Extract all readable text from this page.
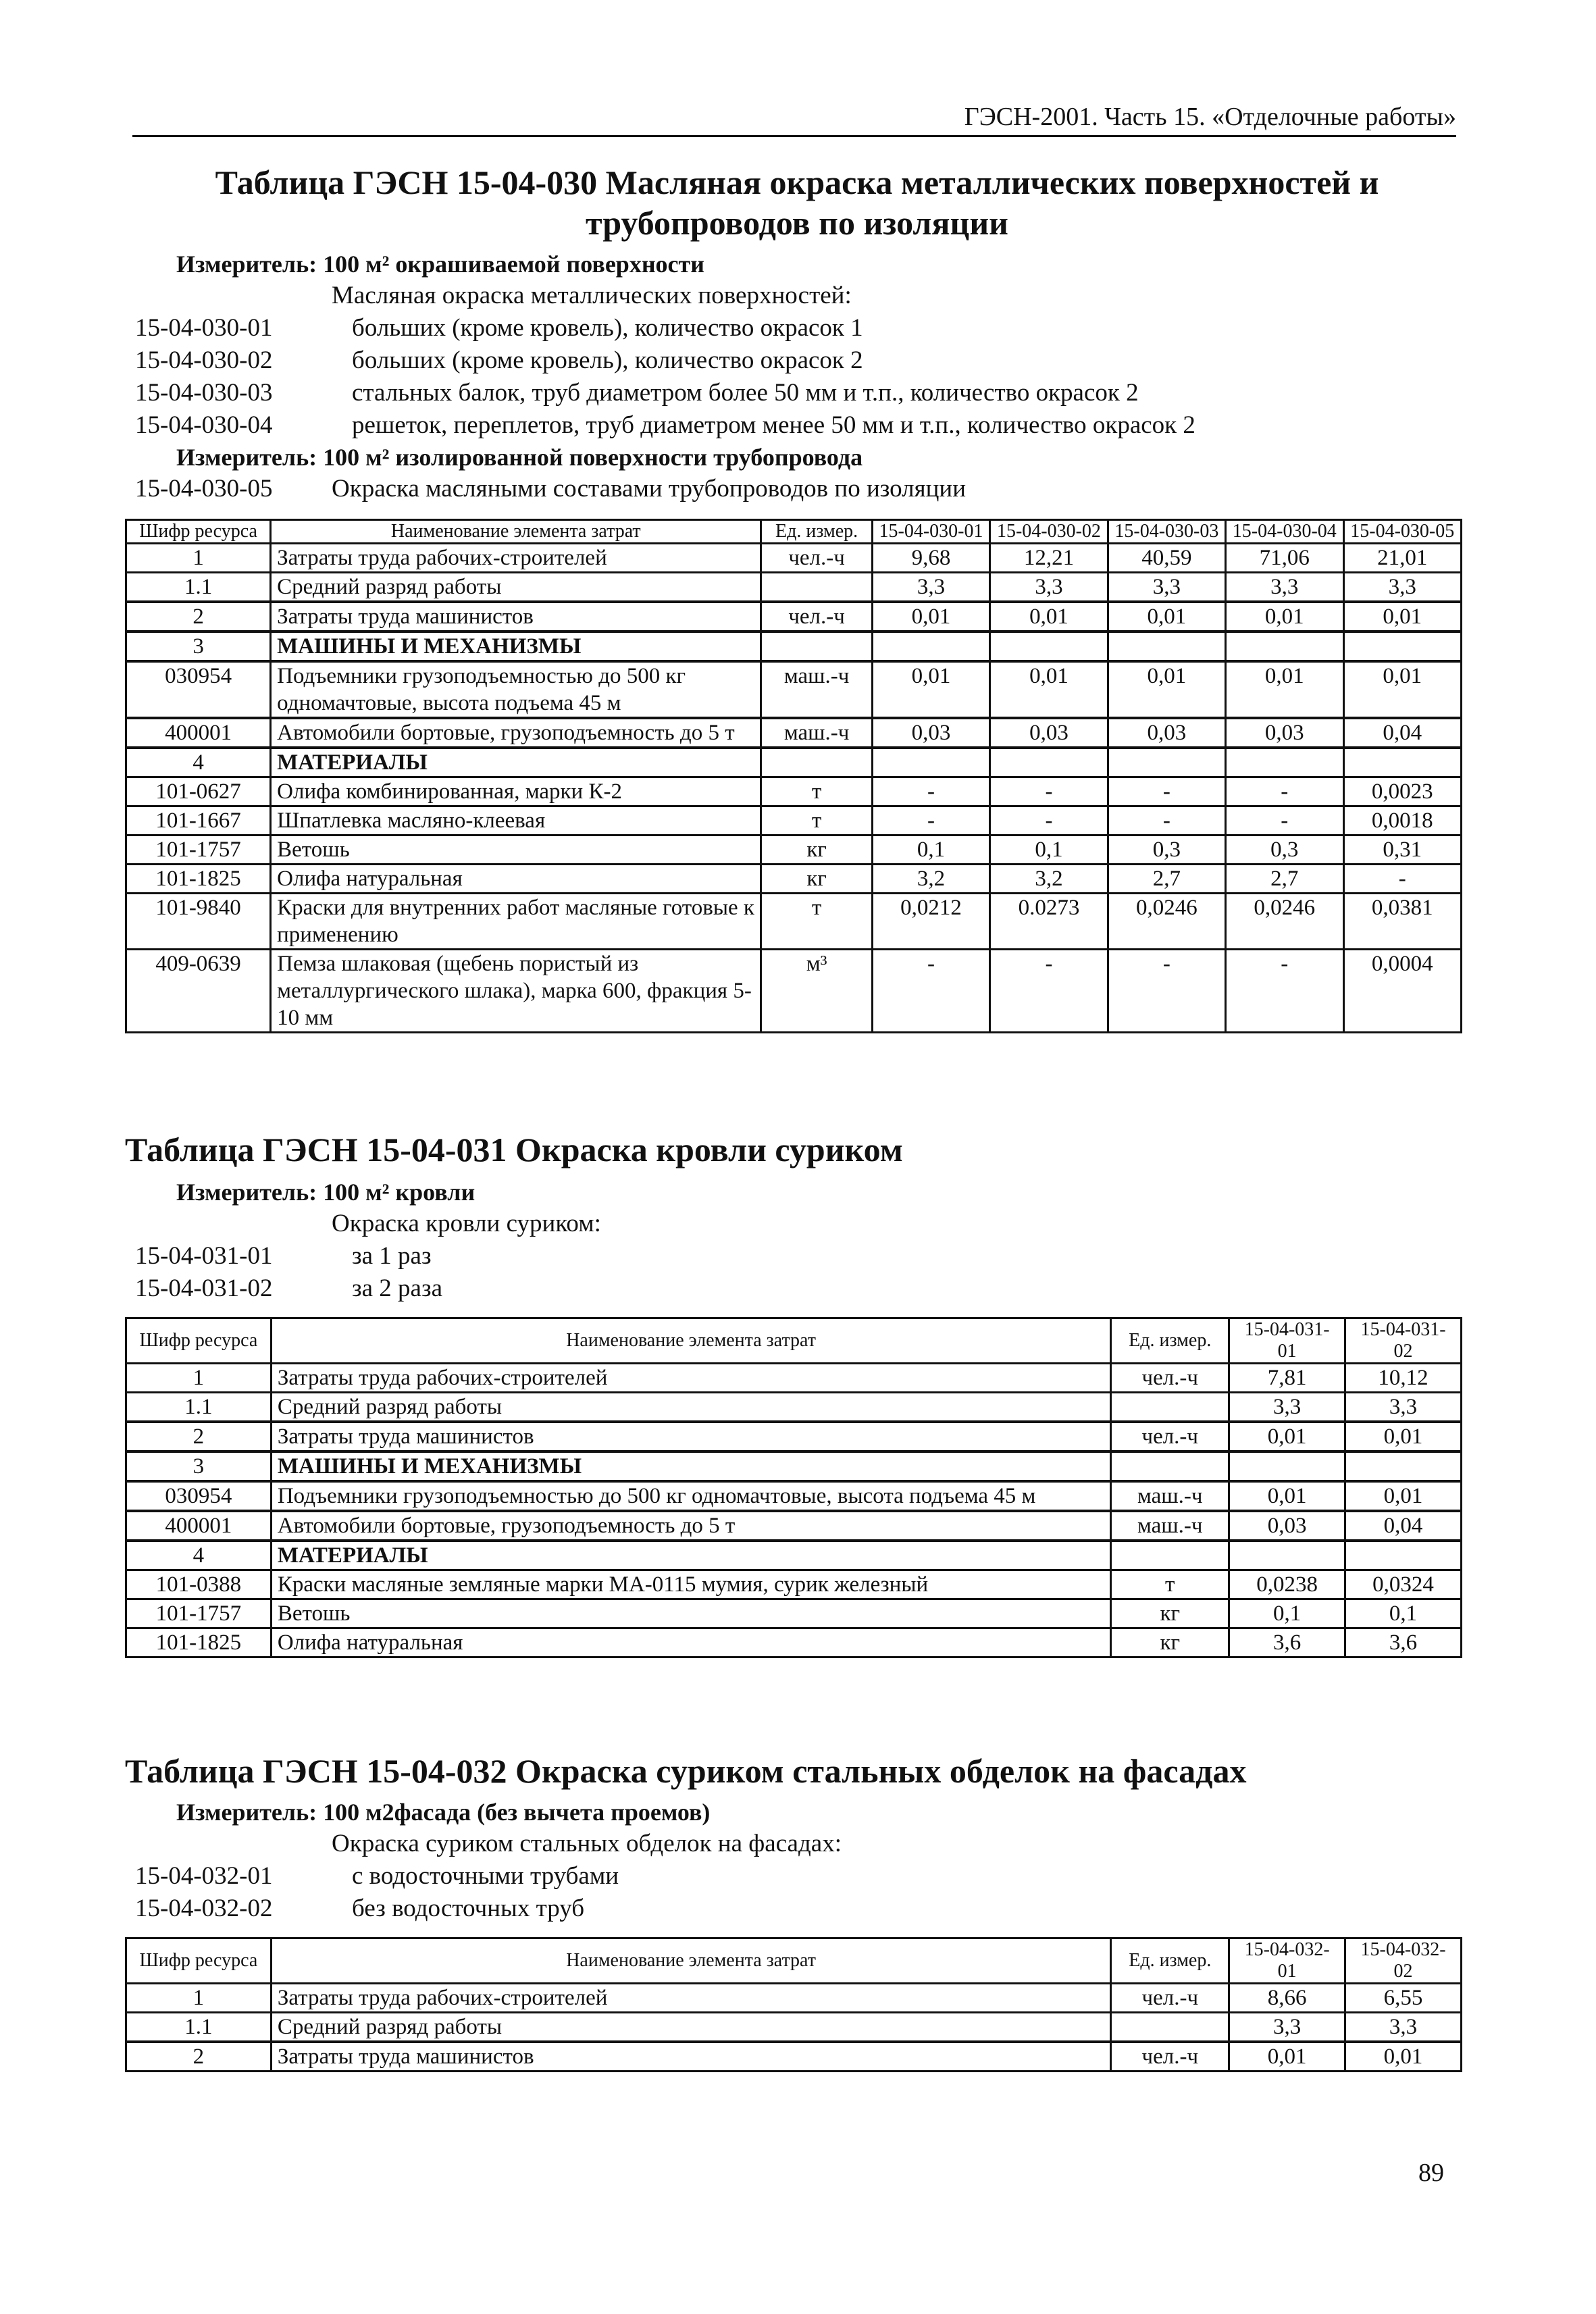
ГЭСН-2001. Часть 15. «Отделочные работы»

Таблица ГЭСН 15-04-030 Масляная окраска металлических поверхностей и

трубопроводов по изоляции

Измеритель: 100 м² окрашиваемой поверхности
Масляная окраска металлических поверхностей:
15-04-030-01	больших (кроме кровель), количество окрасок 1
15-04-030-02	больших (кроме кровель), количество окрасок 2
15-04-030-03	стальных балок, труб диаметром более 50 мм и т.п., количество окрасок 2
15-04-030-04	решеток, переплетов, труб диаметром менее 50 мм и т.п., количество окрасок 2
Измеритель: 100 м² изолированной поверхности трубопровода
15-04-030-05	Окраска масляными составами трубопроводов по изоляции
Шифр ресурса	Наименование элемента затрат	Ед. измер.	15-04-030-01	15-04-030-02	15-04-030-03	15-04-030-04	15-04-030-05
1	Затраты труда рабочих-строителей	чел.-ч	9,68	12,21	40,59	71,06	21,01
1.1	Средний разряд работы		3,3	3,3	3,3	3,3	3,3
2	Затраты труда машинистов	чел.-ч	0,01	0,01	0,01	0,01	0,01
3	МАШИНЫ И МЕХАНИЗМЫ						
030954	Подъемники грузоподъемностью до 500 кг одномачтовые, высота подъема 45 м	маш.-ч	0,01	0,01	0,01	0,01	0,01
400001	Автомобили бортовые, грузоподъемность до 5 т	маш.-ч	0,03	0,03	0,03	0,03	0,04
4	МАТЕРИАЛЫ						
101-0627	Олифа комбинированная, марки К-2	т	-	-	-	-	0,0023
101-1667	Шпатлевка масляно-клеевая	т	-	-	-	-	0,0018
101-1757	Ветошь	кг	0,1	0,1	0,3	0,3	0,31
101-1825	Олифа натуральная	кг	3,2	3,2	2,7	2,7	-
101-9840	Краски для внутренних работ масляные готовые к применению	т	0,0212	0.0273	0,0246	0,0246	0,0381
409-0639	Пемза шлаковая (щебень пористый из металлургического шлака), марка 600, фракция 5-10 мм	м³	-	-	-	-	0,0004

Таблица ГЭСН 15-04-031 Окраска кровли суриком

Измеритель: 100 м² кровли
Окраска кровли суриком:
15-04-031-01	за 1 раз
15-04-031-02	за 2 раза
Шифр ресурса	Наименование элемента затрат	Ед. измер.	15-04-031-01	15-04-031-02
1	Затраты труда рабочих-строителей	чел.-ч	7,81	10,12
1.1	Средний разряд работы		3,3	3,3
2	Затраты труда машинистов	чел.-ч	0,01	0,01
3	МАШИНЫ И МЕХАНИЗМЫ			
030954	Подъемники грузоподъемностью до 500 кг одномачтовые, высота подъема 45 м	маш.-ч	0,01	0,01
400001	Автомобили бортовые, грузоподъемность до 5 т	маш.-ч	0,03	0,04
4	МАТЕРИАЛЫ			
101-0388	Краски масляные земляные марки МА-0115 мумия, сурик железный	т	0,0238	0,0324
101-1757	Ветошь	кг	0,1	0,1
101-1825	Олифа натуральная	кг	3,6	3,6

Таблица ГЭСН 15-04-032 Окраска суриком стальных обделок на фасадах

Измеритель: 100 м2фасада (без вычета проемов)
Окраска суриком стальных обделок на фасадах:
15-04-032-01	с водосточными трубами
15-04-032-02	без водосточных труб
Шифр ресурса	Наименование элемента затрат	Ед. измер.	15-04-032-01	15-04-032-02
1	Затраты труда рабочих-строителей	чел.-ч	8,66	6,55
1.1	Средний разряд работы		3,3	3,3
2	Затраты труда машинистов	чел.-ч	0,01	0,01
89
